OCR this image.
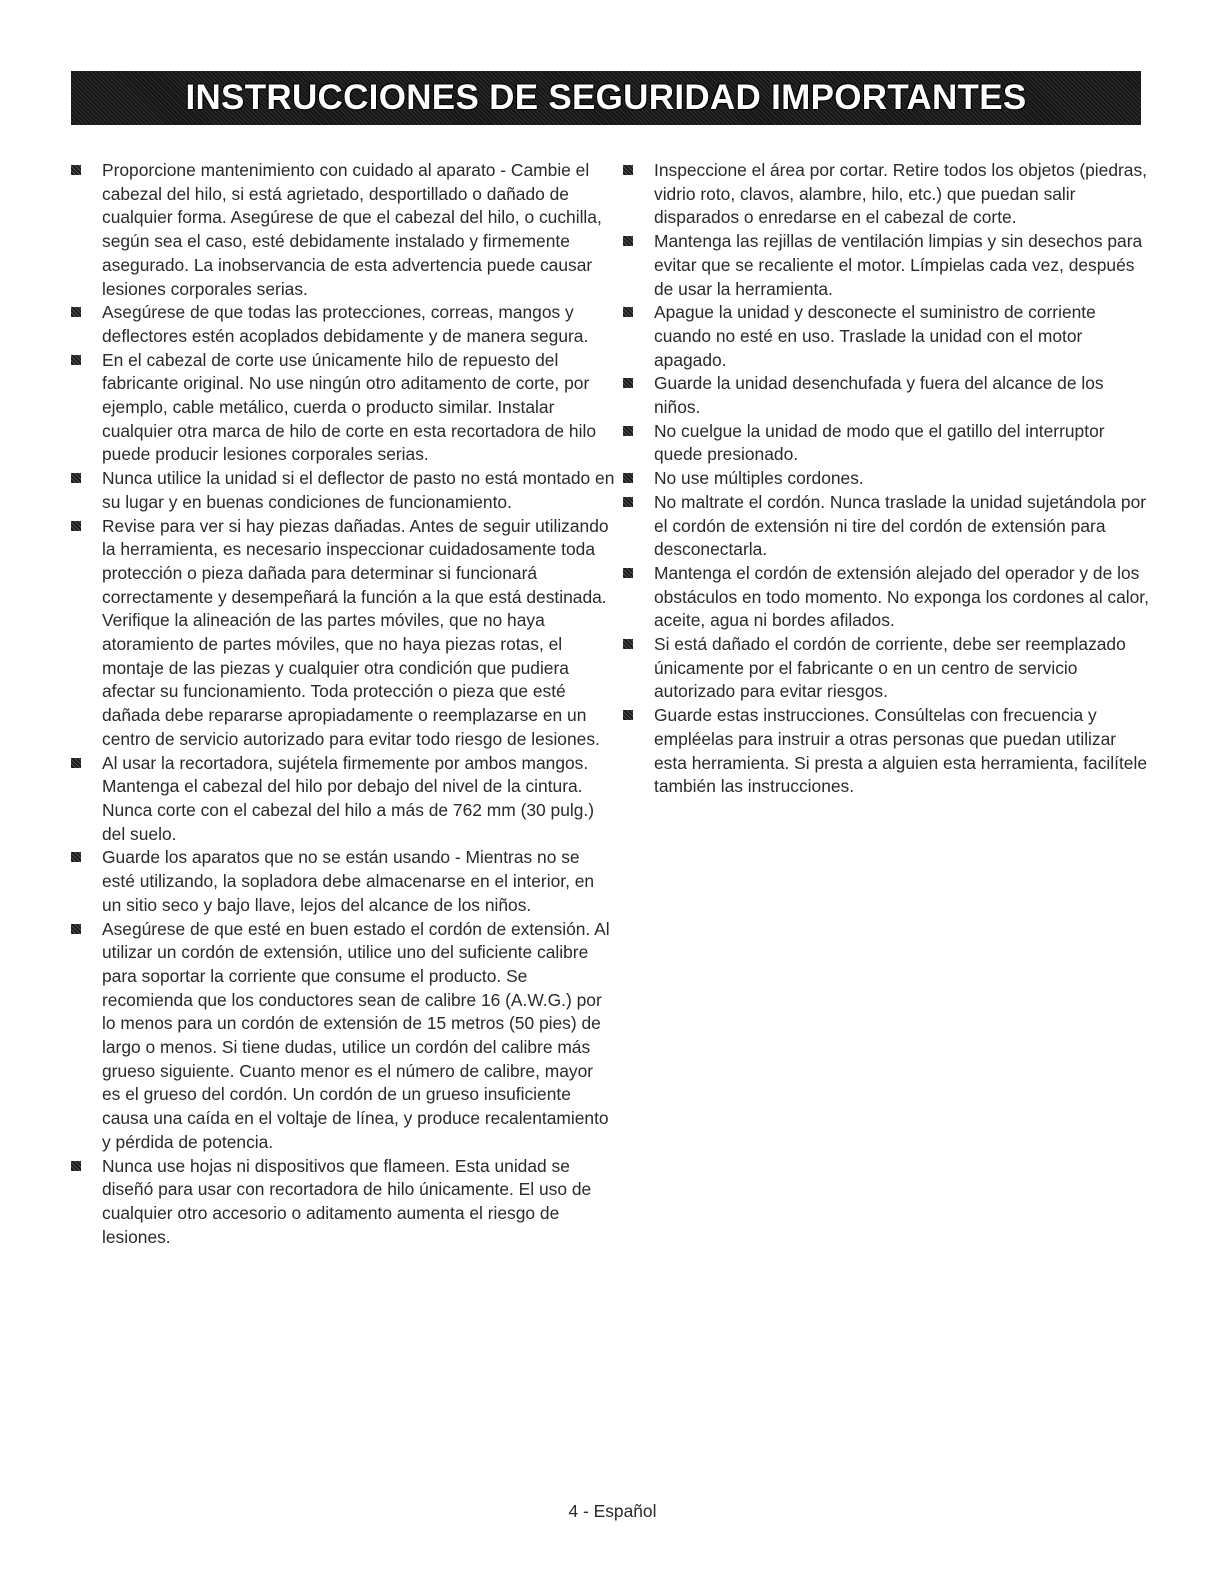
INSTRUCCIONES DE SEGURIDAD IMPORTANTES
Proporcione mantenimiento con cuidado al aparato - Cambie el cabezal del hilo, si está agrietado, desportillado o dañado de cualquier forma. Asegúrese de que el cabezal del hilo, o cuchilla, según sea el caso, esté debidamente instalado y firmemente asegurado. La inobservancia de esta advertencia puede causar lesiones corporales serias.
Asegúrese de que todas las protecciones, correas, mangos y deflectores estén acoplados debidamente y de manera segura.
En el cabezal de corte use únicamente hilo de repuesto del fabricante original. No use ningún otro aditamento de corte, por ejemplo, cable metálico, cuerda o producto similar. Instalar cualquier otra marca de hilo de corte en esta recortadora de hilo puede producir lesiones corporales serias.
Nunca utilice la unidad si el deflector de pasto no está montado en su lugar y en buenas condiciones de funcionamiento.
Revise para ver si hay piezas dañadas. Antes de seguir utilizando la herramienta, es necesario inspeccionar cuidadosamente toda protección o pieza dañada para determinar si funcionará correctamente y desempeñará la función a la que está destinada. Verifique la alineación de las partes móviles, que no haya atoramiento de partes móviles, que no haya piezas rotas, el montaje de las piezas y cualquier otra condición que pudiera afectar su funcionamiento. Toda protección o pieza que esté dañada debe repararse apropiadamente o reemplazarse en un centro de servicio autorizado para evitar todo riesgo de lesiones.
Al usar la recortadora, sujétela firmemente por ambos mangos. Mantenga el cabezal del hilo por debajo del nivel de la cintura. Nunca corte con el cabezal del hilo a más de 762 mm (30 pulg.) del suelo.
Guarde los aparatos que no se están usando - Mientras no se esté utilizando, la sopladora debe almacenarse en el interior, en un sitio seco y bajo llave, lejos del alcance de los niños.
Asegúrese de que esté en buen estado el cordón de extensión. Al utilizar un cordón de extensión, utilice uno del suficiente calibre para soportar la corriente que consume el producto. Se recomienda que los conductores sean de calibre 16 (A.W.G.) por lo menos para un cordón de extensión de 15 metros (50 pies) de largo o menos. Si tiene dudas, utilice un cordón del calibre más grueso siguiente. Cuanto menor es el número de calibre, mayor es el grueso del cordón. Un cordón de un grueso insuficiente causa una caída en el voltaje de línea, y produce recalentamiento y pérdida de potencia.
Nunca use hojas ni dispositivos que flameen. Esta unidad se diseñó para usar con recortadora de hilo únicamente. El uso de cualquier otro accesorio o aditamento aumenta el riesgo de lesiones.
Inspeccione el área por cortar. Retire todos los objetos (piedras, vidrio roto, clavos, alambre, hilo, etc.) que puedan salir disparados o enredarse en el cabezal de corte.
Mantenga las rejillas de ventilación limpias y sin desechos para evitar que se recaliente el motor. Límpielas cada vez, después de usar la herramienta.
Apague la unidad y desconecte el suministro de corriente cuando no esté en uso. Traslade la unidad con el motor apagado.
Guarde la unidad desenchufada y fuera del alcance de los niños.
No cuelgue la unidad de modo que el gatillo del interruptor quede presionado.
No use múltiples cordones.
No maltrate el cordón. Nunca traslade la unidad sujetándola por el cordón de extensión ni tire del cordón de extensión para desconectarla.
Mantenga el cordón de extensión alejado del operador y de los obstáculos en todo momento. No exponga los cordones al calor, aceite, agua ni bordes afilados.
Si está dañado el cordón de corriente, debe ser reemplazado únicamente por el fabricante o en un centro de servicio autorizado para evitar riesgos.
Guarde estas instrucciones. Consúltelas con frecuencia y empléelas para instruir a otras personas que puedan utilizar esta herramienta. Si presta a alguien esta herramienta, facilítele también las instrucciones.
4 - Español
